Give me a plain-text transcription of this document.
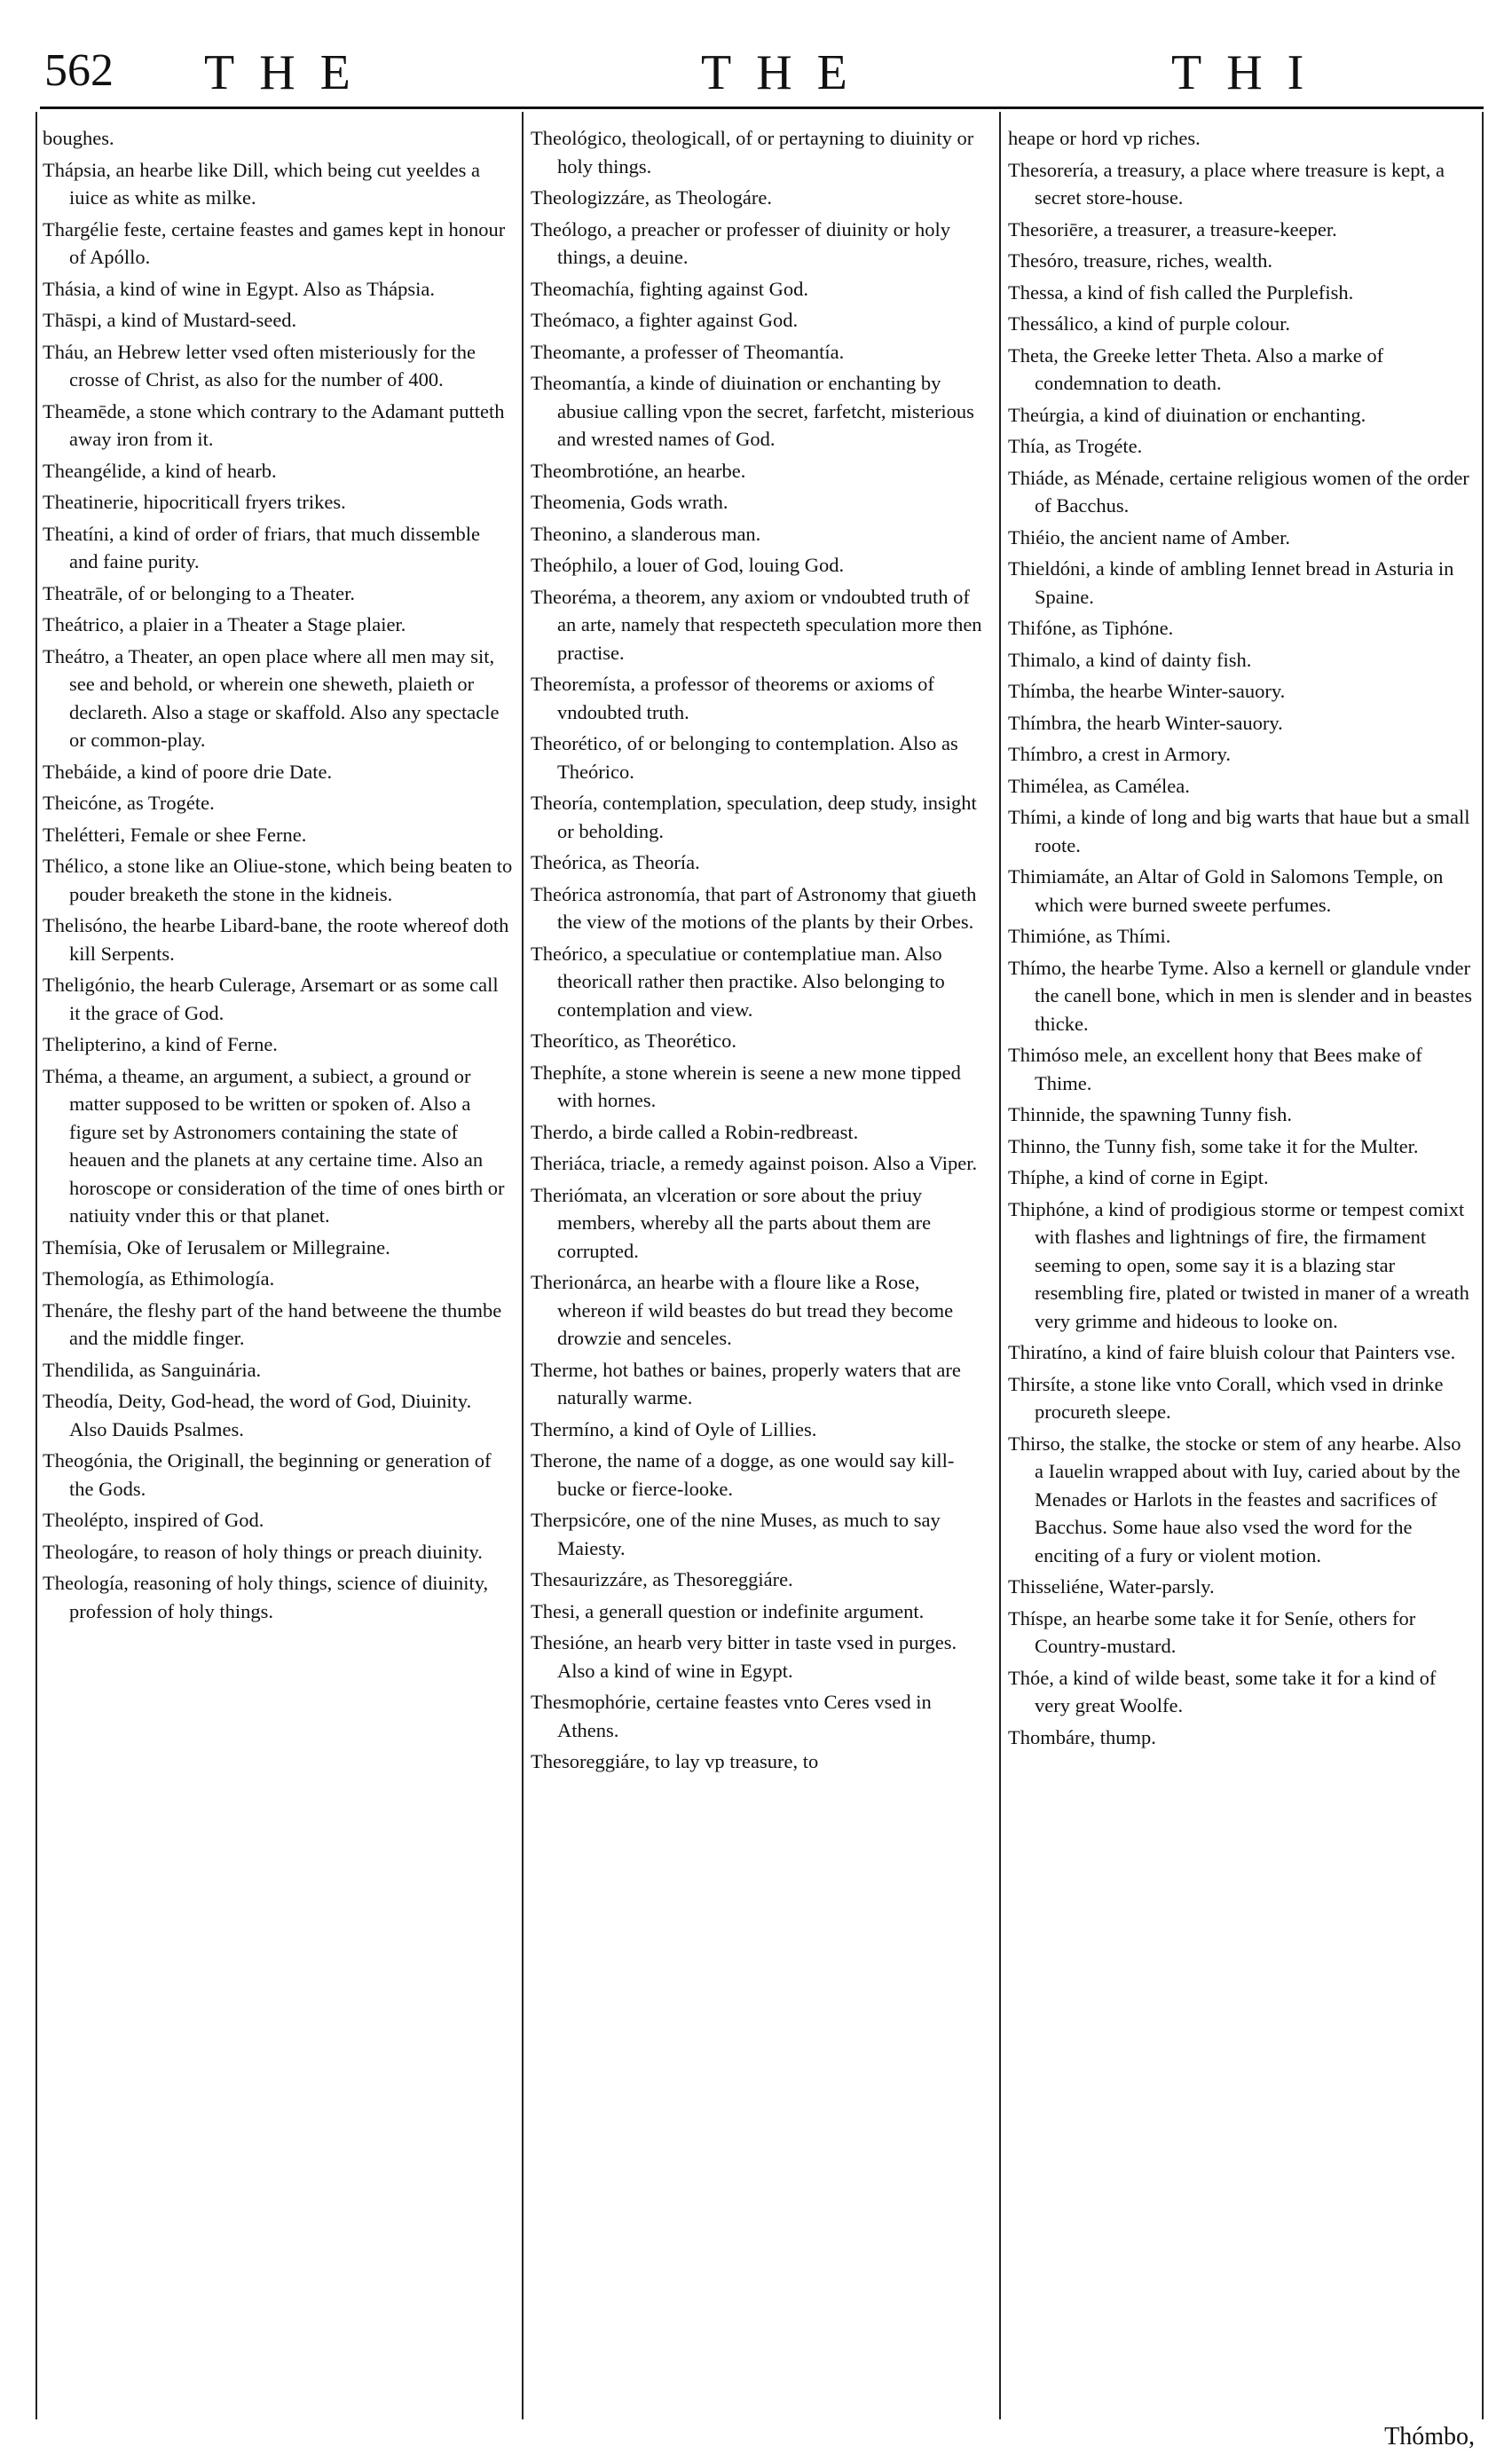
562 THE	THE	THI
boughes.
Thápsia, an hearbe like Dill, which being cut yeeldes a iuice as white as milke.
Thargélie feste, certaine feastes and games kept in honour of Apóllo.
Thásia, a kind of wine in Egypt. Also as Thápsia.
Thāspi, a kind of Mustard-seed.
Tháu, an Hebrew letter vsed often misteriously for the crosse of Christ, as also for the number of 400.
Theamēde, a stone which contrary to the Adamant putteth away iron from it.
Theangélide, a kind of hearb.
Theatinerie, hipocriticall fryers trikes.
Theatíni, a kind of order of friars, that much dissemble and faine purity.
Theatrāle, of or belonging to a Theater.
Theátrico, a plaier in a Theater a Stage plaier.
Theátro, a Theater, an open place where all men may sit, see and behold, or wherein one sheweth, plaieth or declareth. Also a stage or skaffold. Also any spectacle or common-play.
Thebáide, a kind of poore drie Date.
Theicóne, as Trogéte.
Thelétteri, Female or shee Ferne.
Thélico, a stone like an Oliue-stone, which being beaten to pouder breaketh the stone in the kidneis.
Thelisóno, the hearbe Libard-bane, the roote whereof doth kill Serpents.
Theligónio, the hearb Culerage, Arsemart or as some call it the grace of God.
Thelipterino, a kind of Ferne.
Théma, a theame, an argument, a subiect, a ground or matter supposed to be written or spoken of. Also a figure set by Astronomers containing the state of heauen and the planets at any certaine time. Also an horoscope or consideration of the time of ones birth or natiuity vnder this or that planet.
Themísia, Oke of Ierusalem or Millegraine.
Themología, as Ethimología.
Thenáre, the fleshy part of the hand betweene the thumbe and the middle finger.
Thendilida, as Sanguinária.
Theodía, Deity, God-head, the word of God, Diuinity. Also Dauids Psalmes.
Theogónia, the Originall, the beginning or generation of the Gods.
Theolépto, inspired of God.
Theologáre, to reason of holy things or preach diuinity.
Theología, reasoning of holy things, science of diuinity, profession of holy things.
Theológico, theologicall, of or pertayning to diuinity or holy things.
Theologizzáre, as Theologáre.
Theólogo, a preacher or professer of diuinity or holy things, a deuine.
Theomachía, fighting against God.
Theómaco, a fighter against God.
Theomante, a professer of Theomantía.
Theomantía, a kinde of diuination or enchanting by abusiue calling vpon the secret, farfetcht, misterious and wrested names of God.
Theombrotióne, an hearbe.
Theomenia, Gods wrath.
Theonino, a slanderous man.
Theóphilo, a louer of God, louing God.
Theoréma, a theorem, any axiom or vndoubted truth of an arte, namely that respecteth speculation more then practise.
Theoremísta, a professor of theorems or axioms of vndoubted truth.
Theorético, of or belonging to contemplation. Also as Theórico.
Theoría, contemplation, speculation, deep study, insight or beholding.
Theórica, as Theoría.
Theórica astronomía, that part of Astronomy that giueth the view of the motions of the plants by their Orbes.
Theórico, a speculatiue or contemplatiue man. Also theoricall rather then practike. Also belonging to contemplation and view.
Theorítico, as Theorético.
Thephíte, a stone wherein is seene a new mone tipped with hornes.
Therdo, a birde called a Robin-redbreast.
Theriáca, triacle, a remedy against poison. Also a Viper.
Theriómata, an vlceration or sore about the priuy members, whereby all the parts about them are corrupted.
Therionárca, an hearbe with a floure like a Rose, whereon if wild beastes do but tread they become drowzie and senceles.
Therme, hot bathes or baines, properly waters that are naturally warme.
Thermíno, a kind of Oyle of Lillies.
Therone, the name of a dogge, as one would say kill-bucke or fierce-looke.
Therpsicóre, one of the nine Muses, as much to say Maiesty.
Thesaurizzáre, as Thesoreggiáre.
Thesi, a generall question or indefinite argument.
Thesióne, an hearb very bitter in taste vsed in purges. Also a kind of wine in Egypt.
Thesmophórie, certaine feastes vnto Ceres vsed in Athens.
Thesoreggiáre, to lay vp treasure, to
heape or hord vp riches.
Thesorería, a treasury, a place where treasure is kept, a secret store-house.
Thesoriēre, a treasurer, a treasure-keeper.
Thesóro, treasure, riches, wealth.
Thessa, a kind of fish called the Purplefish.
Thessálico, a kind of purple colour.
Theta, the Greeke letter Theta. Also a marke of condemnation to death.
Theúrgia, a kind of diuination or enchanting.
Thía, as Trogéte.
Thiáde, as Ménade, certaine religious women of the order of Bacchus.
Thiéio, the ancient name of Amber.
Thieldóni, a kinde of ambling Iennet bread in Asturia in Spaine.
Thifóne, as Tiphóne.
Thimalo, a kind of dainty fish.
Thímba, the hearbe Winter-sauory.
Thímbra, the hearb Winter-sauory.
Thímbro, a crest in Armory.
Thimélea, as Camélea.
Thími, a kinde of long and big warts that haue but a small roote.
Thimiamáte, an Altar of Gold in Salomons Temple, on which were burned sweete perfumes.
Thimióne, as Thími.
Thímo, the hearbe Tyme. Also a kernell or glandule vnder the canell bone, which in men is slender and in beastes thicke.
Thimóso mele, an excellent hony that Bees make of Thime.
Thinnide, the spawning Tunny fish.
Thinno, the Tunny fish, some take it for the Multer.
Thíphe, a kind of corne in Egipt.
Thiphóne, a kind of prodigious storme or tempest comixt with flashes and lightnings of fire, the firmament seeming to open, some say it is a blazing star resembling fire, plated or twisted in maner of a wreath very grimme and hideous to looke on.
Thiratíno, a kind of faire bluish colour that Painters vse.
Thirsíte, a stone like vnto Corall, which vsed in drinke procureth sleepe.
Thirso, the stalke, the stocke or stem of any hearbe. Also a Iauelin wrapped about with Iuy, caried about by the Menades or Harlots in the feastes and sacrifices of Bacchus. Some haue also vsed the word for the enciting of a fury or violent motion.
Thisseliéne, Water-parsly.
Thíspe, an hearbe some take it for Seníe, others for Country-mustard.
Thóe, a kind of wilde beast, some take it for a kind of very great Woolfe.
Thombáre, thump.
Thómbo,
